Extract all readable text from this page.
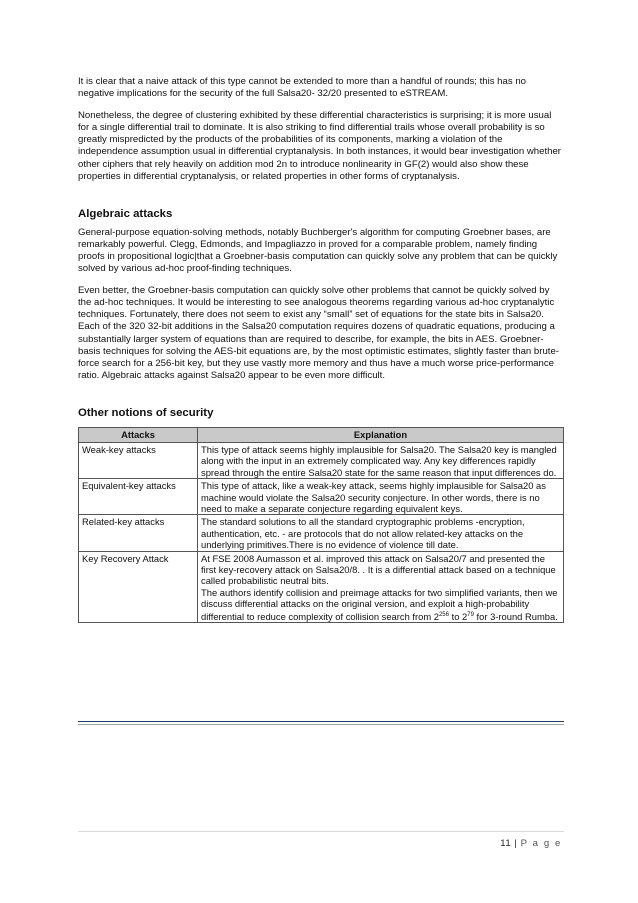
It is clear that a naive attack of this type cannot be extended to more than a handful of rounds; this has no negative implications for the security of the full Salsa20- 32/20 presented to eSTREAM.

Nonetheless, the degree of clustering exhibited by these differential characteristics is surprising; it is more usual for a single differential trail to dominate. It is also striking to find differential trails whose overall probability is so greatly mispredicted by the products of the probabilities of its components, marking a violation of the independence assumption usual in differential cryptanalysis. In both instances, it would bear investigation whether other ciphers that rely heavily on addition mod 2n to introduce nonlinearity in GF(2) would also show these properties in differential cryptanalysis, or related properties in other forms of cryptanalysis.

Algebraic attacks

General-purpose equation-solving methods, notably Buchberger's algorithm for computing Groebner bases, are remarkably powerful. Clegg, Edmonds, and Impagliazzo in proved for a comparable problem, namely finding proofs in propositional logic|that a Groebner-basis computation can quickly solve any problem that can be quickly solved by various ad-hoc proof-finding techniques.

Even better, the Groebner-basis computation can quickly solve other problems that cannot be quickly solved by the ad-hoc techniques. It would be interesting to see analogous theorems regarding various ad-hoc cryptanalytic techniques. Fortunately, there does not seem to exist any “small” set of equations for the state bits in Salsa20. Each of the 320 32-bit additions in the Salsa20 computation requires dozens of quadratic equations, producing a substantially larger system of equations than are required to describe, for example, the bits in AES. Groebner-basis techniques for solving the AES-bit equations are, by the most optimistic estimates, slightly faster than brute-force search for a 256-bit key, but they use vastly more memory and thus have a much worse price-performance ratio. Algebraic attacks against Salsa20 appear to be even more difficult.

Other notions of security
Attacks	Explanation
Weak-key attacks	This type of attack seems highly implausible for Salsa20. The Salsa20 key is mangled along with the input in an extremely complicated way. Any key differences rapidly spread through the entire Salsa20 state for the same reason that input differences do.
Equivalent-key attacks	This type of attack, like a weak-key attack, seems highly implausible for Salsa20 as machine would violate the Salsa20 security conjecture. In other words, there is no need to make a separate conjecture regarding equivalent keys.
Related-key attacks	The standard solutions to all the standard cryptographic problems -encryption, authentication, etc. - are protocols that do not allow related-key attacks on the underlying primitives.There is no evidence of violence till date.
Key Recovery Attack	At FSE 2008 Aumasson et al. improved this attack on Salsa20/7 and presented the first key-recovery attack on Salsa20/8. . It is a differential attack based on a technique called probabilistic neutral bits.
The authors identify collision and preimage attacks for two simplified variants, then we discuss differential attacks on the original version, and exploit a high-probability differential to reduce complexity of collision search from $2^{256}$ to $2^{79}$ for 3-round Rumba.
11 | P a g e
